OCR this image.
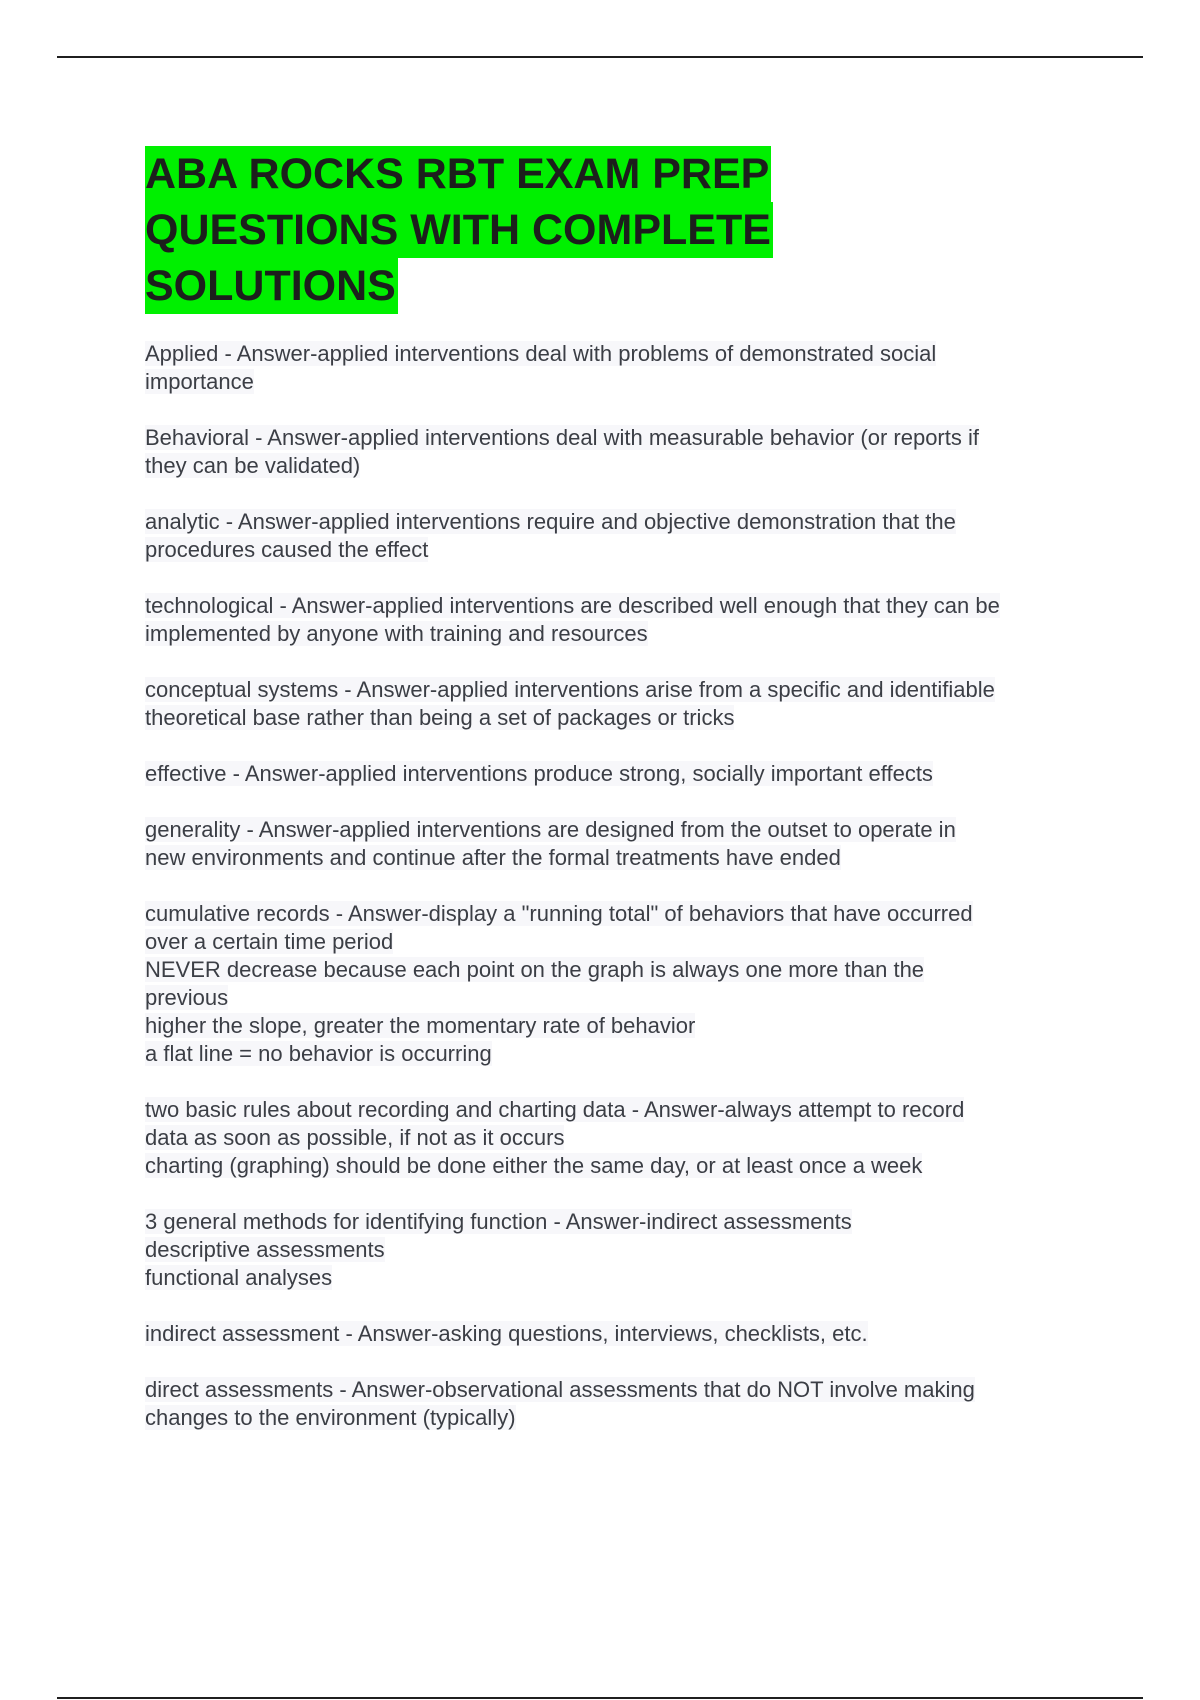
ABA ROCKS RBT EXAM PREP
QUESTIONS WITH COMPLETE
SOLUTIONS
Applied - Answer-applied interventions deal with problems of demonstrated social
importance
Behavioral - Answer-applied interventions deal with measurable behavior (or reports if
they can be validated)
analytic - Answer-applied interventions require and objective demonstration that the
procedures caused the effect
technological - Answer-applied interventions are described well enough that they can be
implemented by anyone with training and resources
conceptual systems - Answer-applied interventions arise from a specific and identifiable
theoretical base rather than being a set of packages or tricks
effective - Answer-applied interventions produce strong, socially important effects
generality - Answer-applied interventions are designed from the outset to operate in
new environments and continue after the formal treatments have ended
cumulative records - Answer-display a "running total" of behaviors that have occurred
over a certain time period
NEVER decrease because each point on the graph is always one more than the
previous
higher the slope, greater the momentary rate of behavior
a flat line = no behavior is occurring
two basic rules about recording and charting data - Answer-always attempt to record
data as soon as possible, if not as it occurs
charting (graphing) should be done either the same day, or at least once a week
3 general methods for identifying function - Answer-indirect assessments
descriptive assessments
functional analyses
indirect assessment - Answer-asking questions, interviews, checklists, etc.
direct assessments - Answer-observational assessments that do NOT involve making
changes to the environment (typically)
